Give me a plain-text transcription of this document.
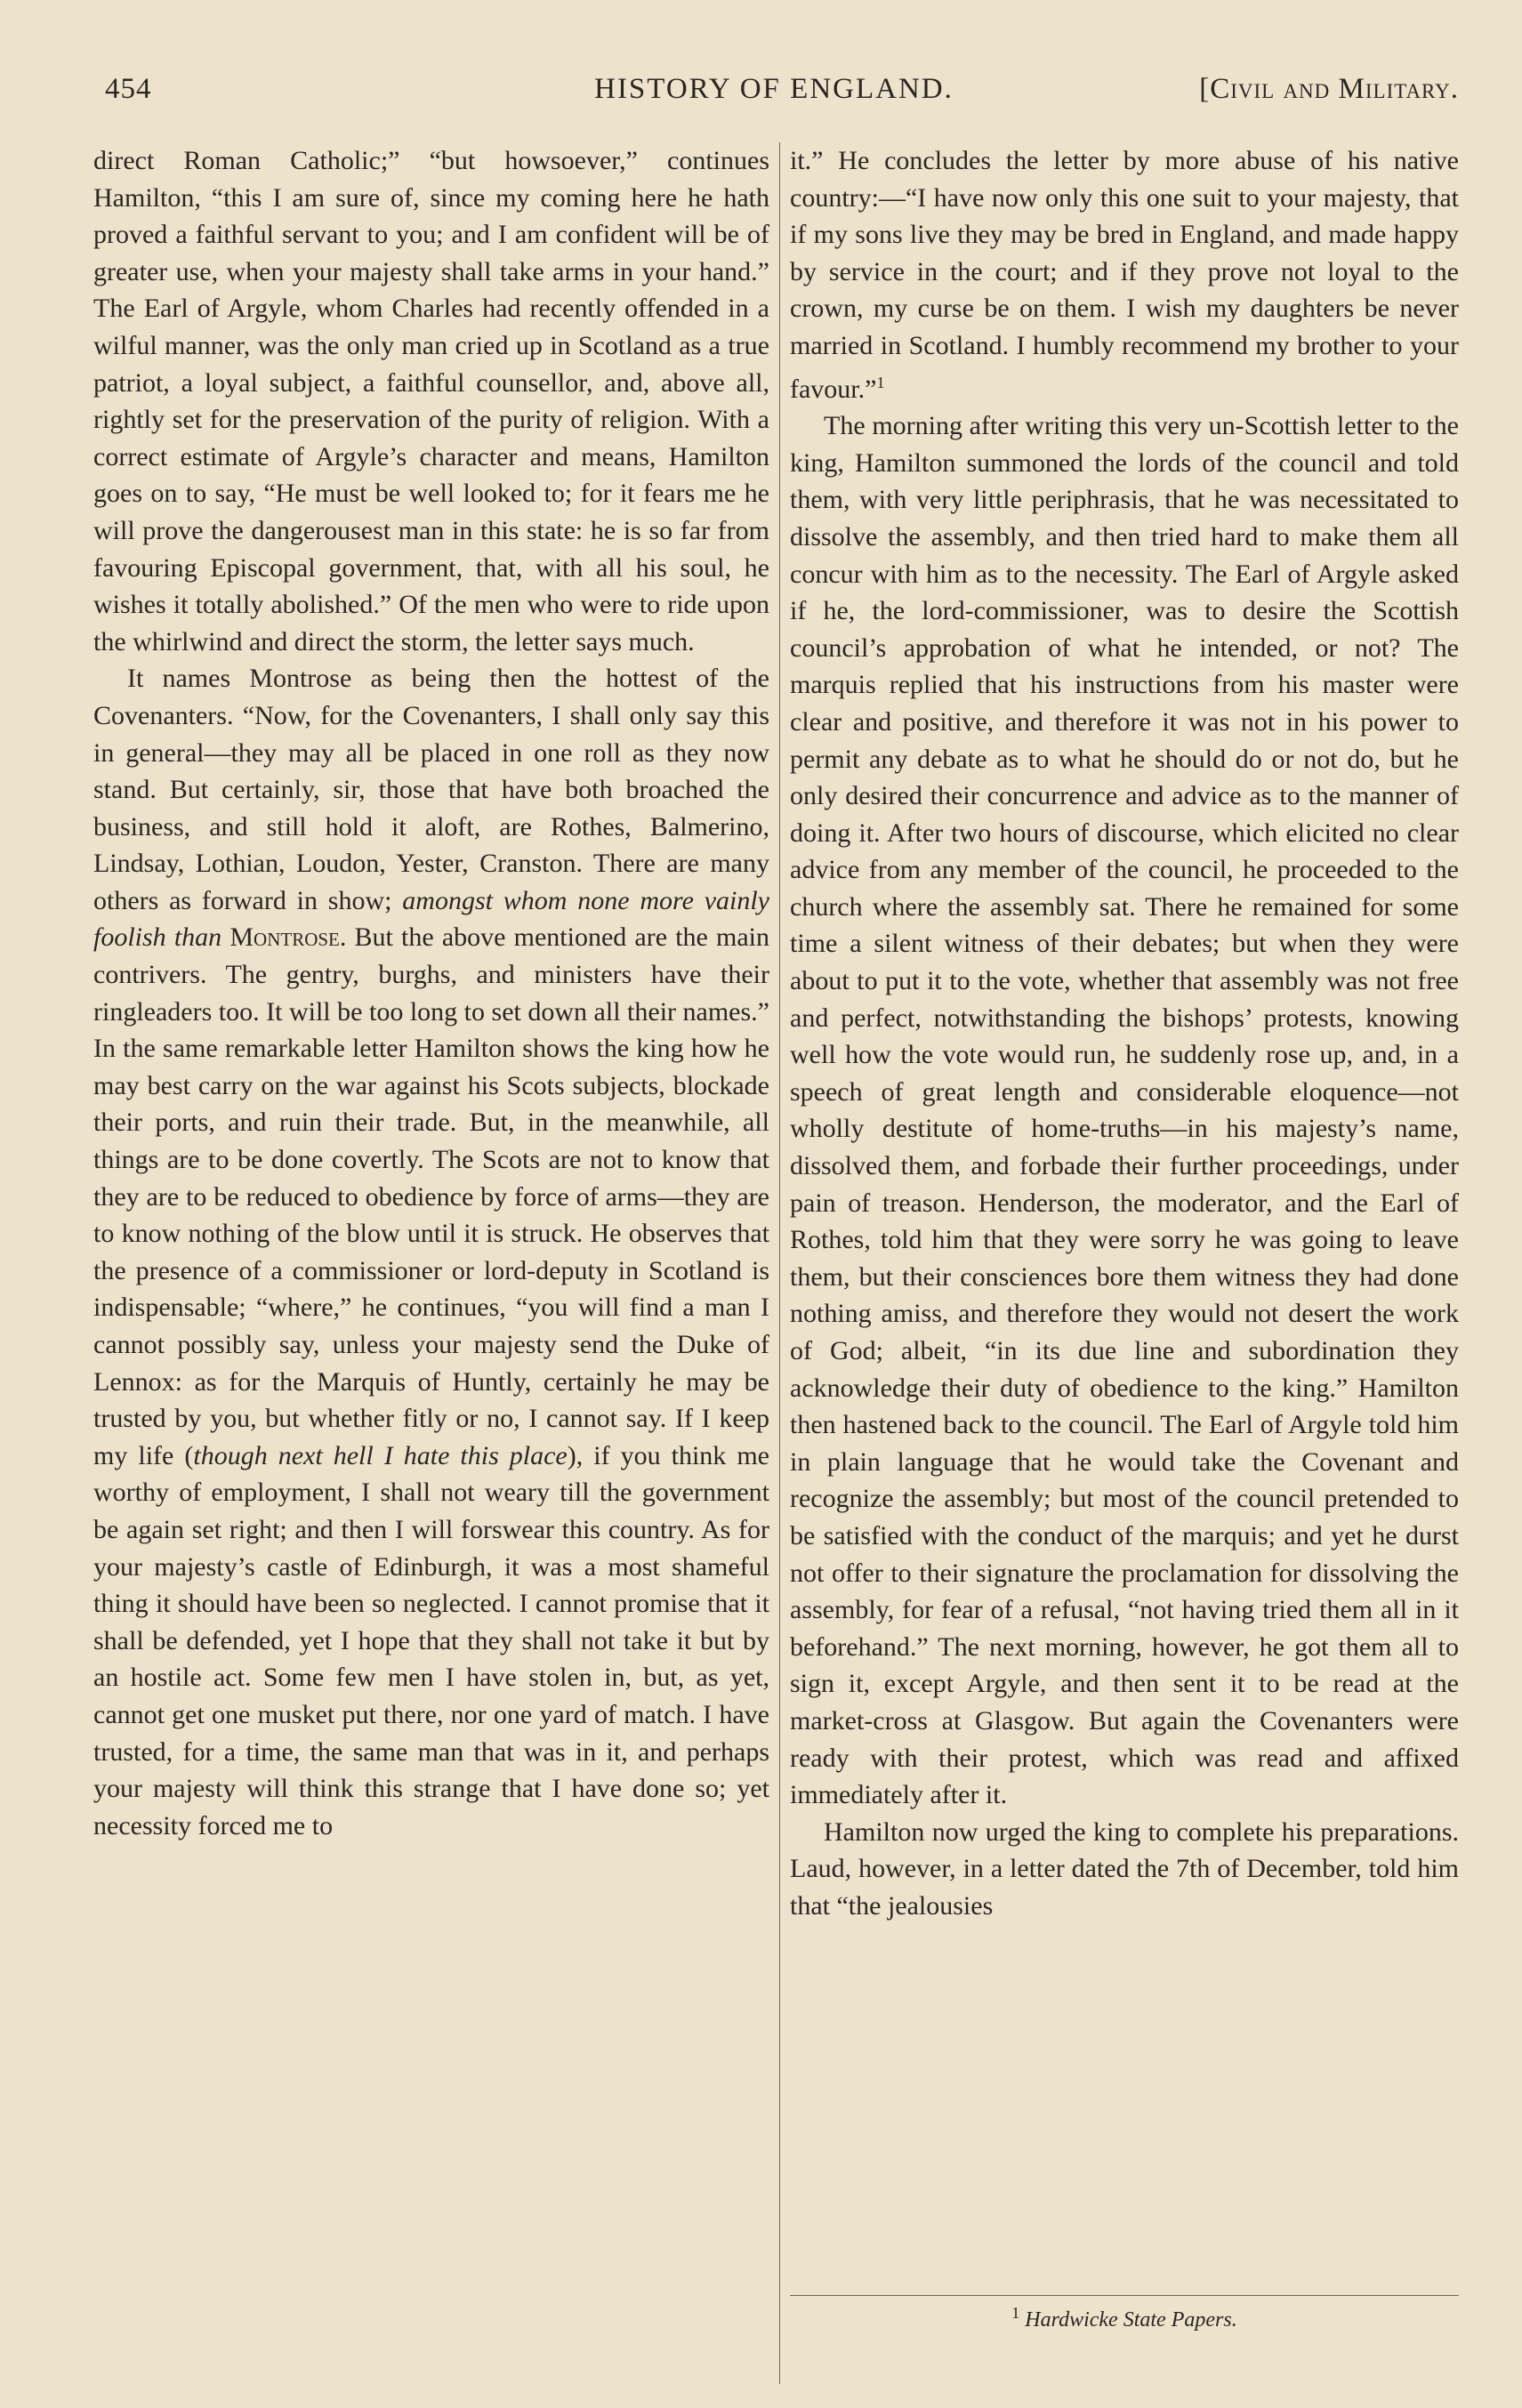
454	HISTORY OF ENGLAND.	[Civil and Military.

direct Roman Catholic;” “but howsoever,” continues Hamilton, “this I am sure of, since my coming here he hath proved a faithful servant to you; and I am confident will be of greater use, when your majesty shall take arms in your hand.” The Earl of Argyle, whom Charles had recently offended in a wilful manner, was the only man cried up in Scotland as a true patriot, a loyal subject, a faithful counsellor, and, above all, rightly set for the preservation of the purity of religion. With a correct estimate of Argyle’s character and means, Hamilton goes on to say, “He must be well looked to; for it fears me he will prove the dangerousest man in this state: he is so far from favouring Episcopal government, that, with all his soul, he wishes it totally abolished.” Of the men who were to ride upon the whirlwind and direct the storm, the letter says much.

It names Montrose as being then the hottest of the Covenanters. “Now, for the Covenanters, I shall only say this in general—they may all be placed in one roll as they now stand. But certainly, sir, those that have both broached the business, and still hold it aloft, are Rothes, Balmerino, Lindsay, Lothian, Loudon, Yester, Cranston. There are many others as forward in show; amongst whom none more vainly foolish than Montrose. But the above mentioned are the main contrivers. The gentry, burghs, and ministers have their ringleaders too. It will be too long to set down all their names.” In the same remarkable letter Hamilton shows the king how he may best carry on the war against his Scots subjects, blockade their ports, and ruin their trade. But, in the meanwhile, all things are to be done covertly. The Scots are not to know that they are to be reduced to obedience by force of arms—they are to know nothing of the blow until it is struck. He observes that the presence of a commissioner or lord-deputy in Scotland is indispensable; “where,” he continues, “you will find a man I cannot possibly say, unless your majesty send the Duke of Lennox: as for the Marquis of Huntly, certainly he may be trusted by you, but whether fitly or no, I cannot say. If I keep my life (though next hell I hate this place), if you think me worthy of employment, I shall not weary till the government be again set right; and then I will forswear this country. As for your majesty’s castle of Edinburgh, it was a most shameful thing it should have been so neglected. I cannot promise that it shall be defended, yet I hope that they shall not take it but by an hostile act. Some few men I have stolen in, but, as yet, cannot get one musket put there, nor one yard of match. I have trusted, for a time, the same man that was in it, and perhaps your majesty will think this strange that I have done so; yet necessity forced me to

it.” He concludes the letter by more abuse of his native country:—“I have now only this one suit to your majesty, that if my sons live they may be bred in England, and made happy by service in the court; and if they prove not loyal to the crown, my curse be on them. I wish my daughters be never married in Scotland. I humbly recommend my brother to your favour.”$^1$

The morning after writing this very un-Scottish letter to the king, Hamilton summoned the lords of the council and told them, with very little periphrasis, that he was necessitated to dissolve the assembly, and then tried hard to make them all concur with him as to the necessity. The Earl of Argyle asked if he, the lord-commissioner, was to desire the Scottish council’s approbation of what he intended, or not? The marquis replied that his instructions from his master were clear and positive, and therefore it was not in his power to permit any debate as to what he should do or not do, but he only desired their concurrence and advice as to the manner of doing it. After two hours of discourse, which elicited no clear advice from any member of the council, he proceeded to the church where the assembly sat. There he remained for some time a silent witness of their debates; but when they were about to put it to the vote, whether that assembly was not free and perfect, notwithstanding the bishops’ protests, knowing well how the vote would run, he suddenly rose up, and, in a speech of great length and considerable eloquence—not wholly destitute of home-truths—in his majesty’s name, dissolved them, and forbade their further proceedings, under pain of treason. Henderson, the moderator, and the Earl of Rothes, told him that they were sorry he was going to leave them, but their consciences bore them witness they had done nothing amiss, and therefore they would not desert the work of God; albeit, “in its due line and subordination they acknowledge their duty of obedience to the king.” Hamilton then hastened back to the council. The Earl of Argyle told him in plain language that he would take the Covenant and recognize the assembly; but most of the council pretended to be satisfied with the conduct of the marquis; and yet he durst not offer to their signature the proclamation for dissolving the assembly, for fear of a refusal, “not having tried them all in it beforehand.” The next morning, however, he got them all to sign it, except Argyle, and then sent it to be read at the market-cross at Glasgow. But again the Covenanters were ready with their protest, which was read and affixed immediately after it.

Hamilton now urged the king to complete his preparations. Laud, however, in a letter dated the 7th of December, told him that “the jealousies

$^1$ Hardwicke State Papers.
